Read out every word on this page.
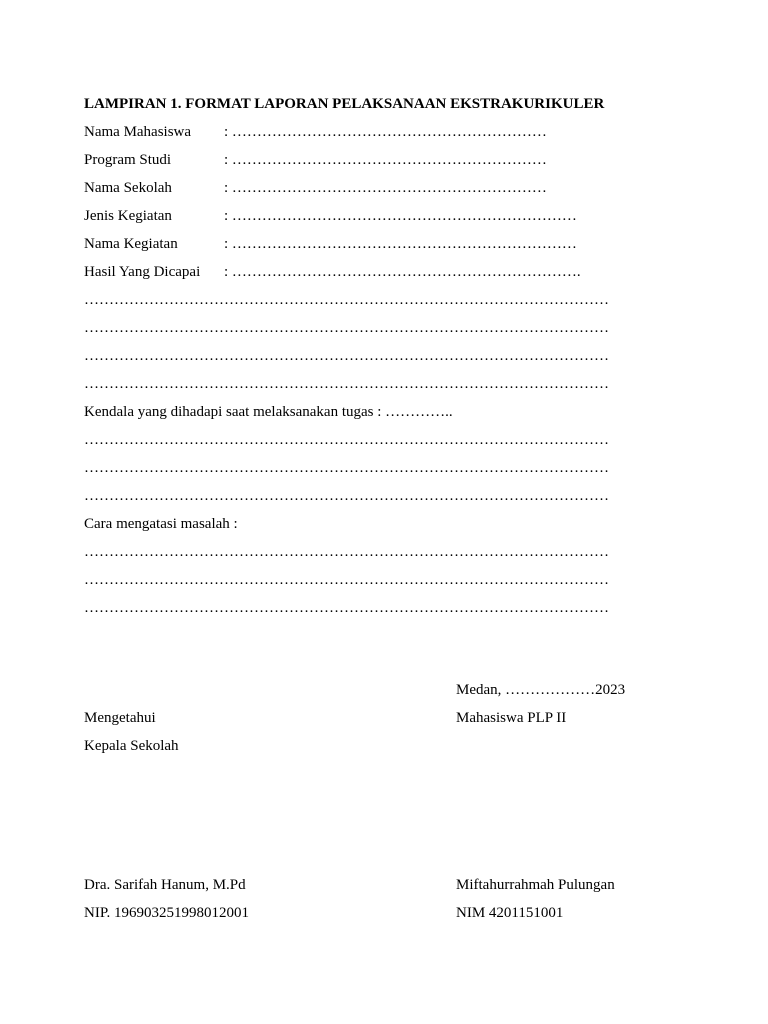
LAMPIRAN 1. FORMAT LAPORAN PELAKSANAAN EKSTRAKURIKULER
Nama Mahasiswa : ………………………………………………………
Program Studi	: ………………………………………………………
Nama Sekolah	: ………………………………………………………
Jenis Kegiatan	: ……………………………………………………………
Nama Kegiatan	: ……………………………………………………………
Hasil Yang Dicapai : …………………………………………………………….
……………………………………………………………………………………………
……………………………………………………………………………………………
……………………………………………………………………………………………
……………………………………………………………………………………………
Kendala yang dihadapi saat melaksanakan tugas : …………..
……………………………………………………………………………………………
……………………………………………………………………………………………
……………………………………………………………………………………………
Cara mengatasi masalah :
……………………………………………………………………………………………
……………………………………………………………………………………………
……………………………………………………………………………………………
Medan, ………………2023
Mengetahui	Mahasiswa PLP II
Kepala Sekolah
Dra. Sarifah Hanum, M.Pd	Miftahurrahmah Pulungan
NIP. 196903251998012001	NIM 4201151001
